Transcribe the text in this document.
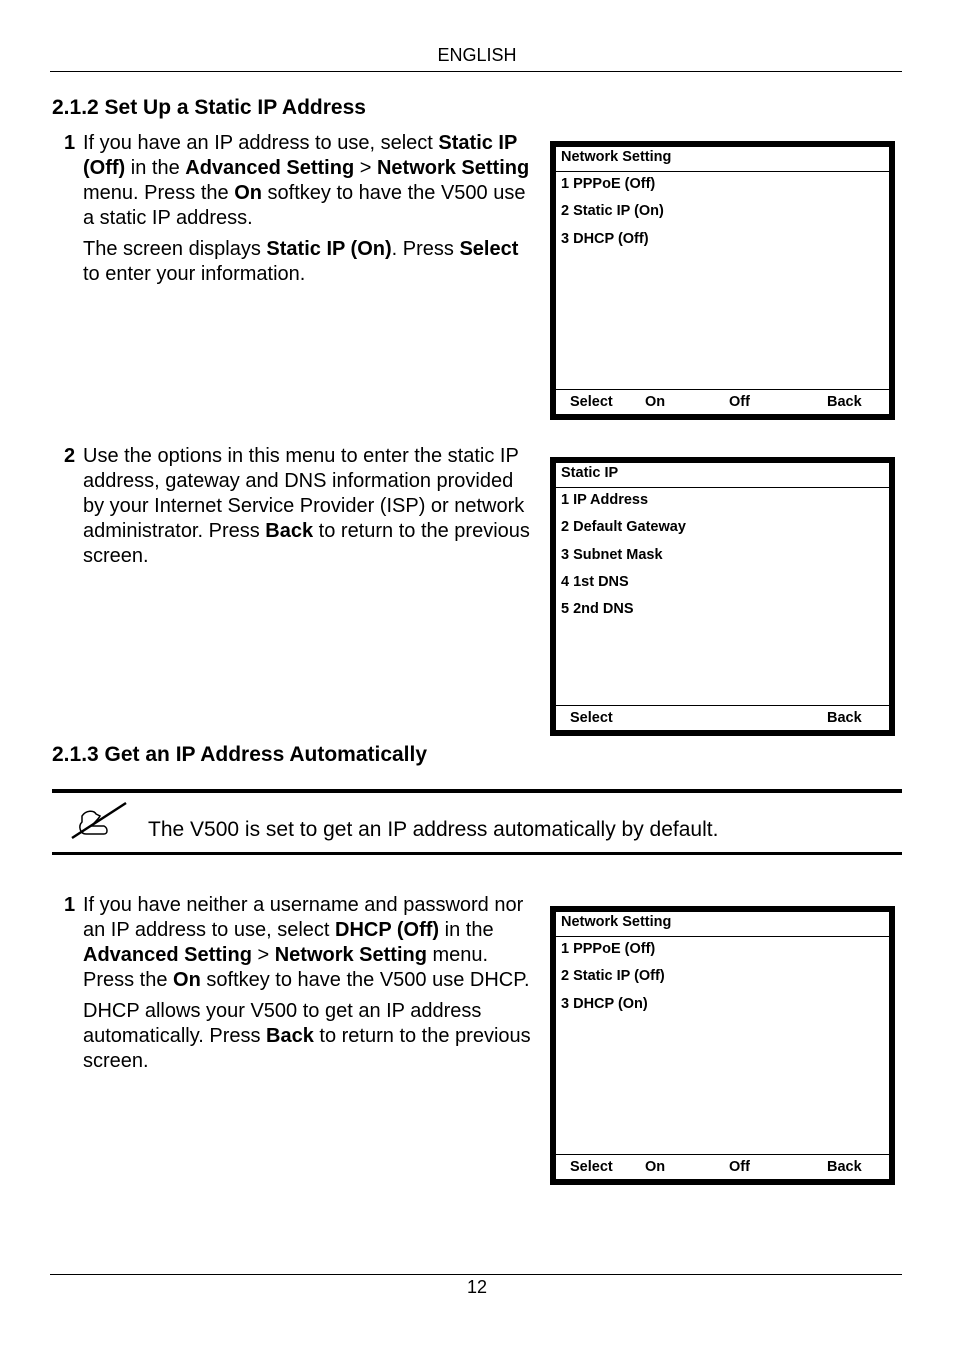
ENGLISH
2.1.2 Set Up a Static IP Address
1 If you have an IP address to use, select Static IP (Off) in the Advanced Setting > Network Setting menu. Press the On softkey to have the V500 use a static IP address.

The screen displays Static IP (On). Press Select to enter your information.

2 Use the options in this menu to enter the static IP address, gateway and DNS information provided by your Internet Service Provider (ISP) or network administrator. Press Back to return to the previous screen.

Network Setting
1 PPPoE (Off)
2 Static IP (On)
3 DHCP (Off)
Select On	Off	Back
Static IP
1 IP Address
2 Default Gateway
3 Subnet Mask
4 1st DNS
5 2nd DNS
Select	Back
2.1.3 Get an IP Address Automatically
The V500 is set to get an IP address automatically by default.
1 If you have neither a username and password nor an IP address to use, select DHCP (Off) in the Advanced Setting > Network Setting menu. Press the On softkey to have the V500 use DHCP.

DHCP allows your V500 to get an IP address automatically. Press Back to return to the previous screen.

Network Setting
1 PPPoE (Off)
2 Static IP (Off)
3 DHCP (On)
Select On	Off	Back
12
